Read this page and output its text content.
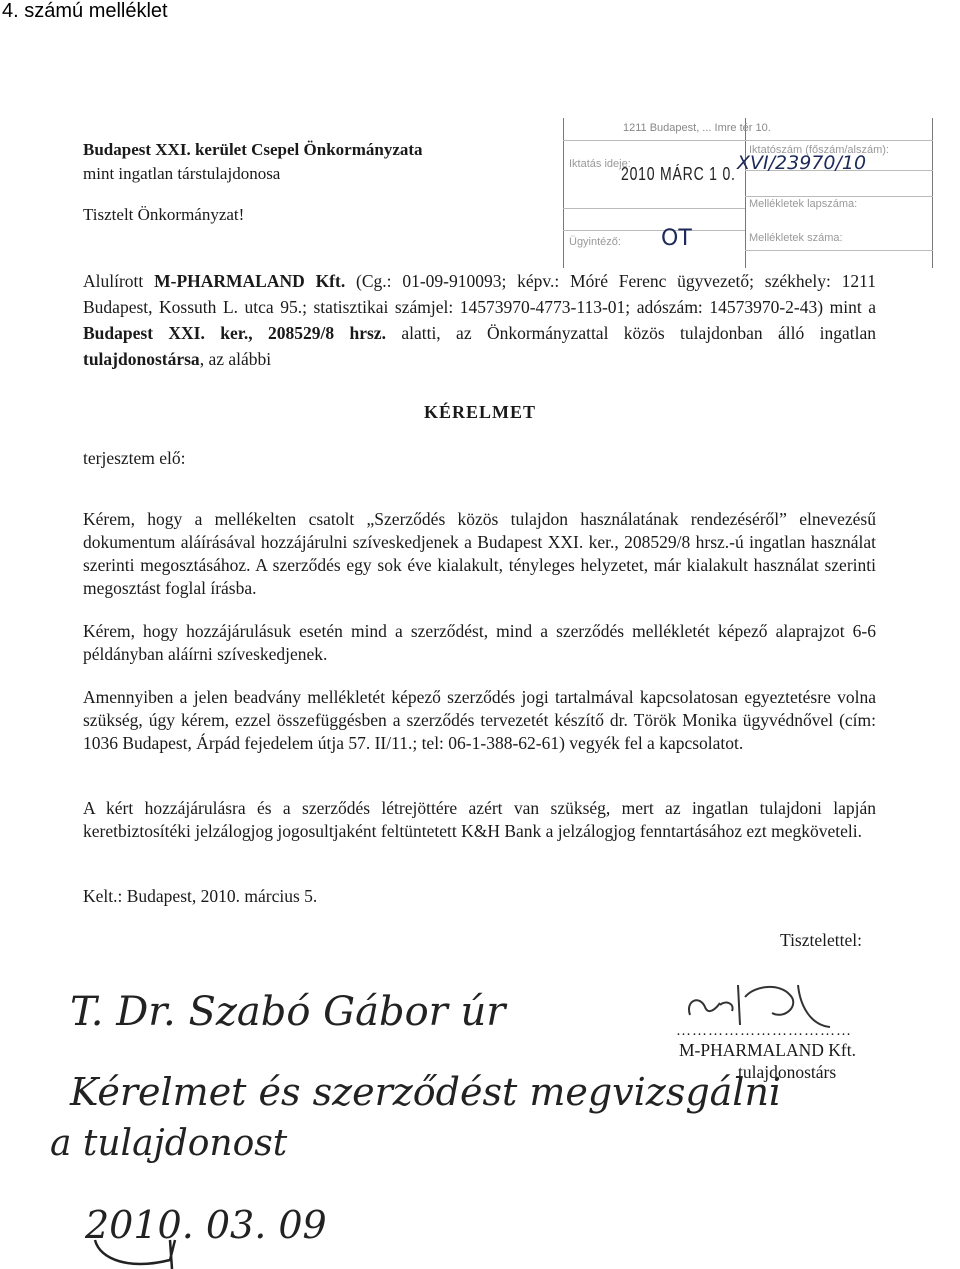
4. számú melléklet
Budapest XXI. kerület Csepel Önkormányzata
mint ingatlan társtulajdonosa
Tisztelt Önkormányzat!
1211 Budapest, ... Imre tér 10.
Iktatás ideje:
Ügyintéző:
Iktatószám (főszám/alszám):
Mellékletek lapszáma:
Mellékletek száma:
2010 MÁRC 1 0. XVI/23970/10
OT
Alulírott M-PHARMALAND Kft. (Cg.: 01-09-910093; képv.: Móré Ferenc ügyvezető; székhely: 1211 Budapest, Kossuth L. utca 95.; statisztikai számjel: 14573970-4773-113-01; adószám: 14573970-2-43) mint a Budapest XXI. ker., 208529/8 hrsz. alatti, az Önkormányzattal közös tulajdonban álló ingatlan tulajdonostársa, az alábbi
KÉRELMET
terjesztem elő:
Kérem, hogy a mellékelten csatolt „Szerződés közös tulajdon használatának rendezéséről” elnevezésű dokumentum aláírásával hozzájárulni szíveskedjenek a Budapest XXI. ker., 208529/8 hrsz.-ú ingatlan használat szerinti megosztásához. A szerződés egy sok éve kialakult, tényleges helyzetet, már kialakult használat szerinti megosztást foglal írásba.
Kérem, hogy hozzájárulásuk esetén mind a szerződést, mind a szerződés mellékletét képező alaprajzot 6-6 példányban aláírni szíveskedjenek.
Amennyiben a jelen beadvány mellékletét képező szerződés jogi tartalmával kapcsolatosan egyeztetésre volna szükség, úgy kérem, ezzel összefüggésben a szerződés tervezetét készítő dr. Török Monika ügyvédnővel (cím: 1036 Budapest, Árpád fejedelem útja 57. II/11.; tel: 06-1-388-62-61) vegyék fel a kapcsolatot.
A kért hozzájárulásra és a szerződés létrejöttére azért van szükség, mert az ingatlan tulajdoni lapján keretbiztosítéki jelzálogjog jogosultjaként feltüntetett K&H Bank a jelzálogjog fenntartásához ezt megköveteli.
Kelt.: Budapest, 2010. március 5.
Tisztelettel:
……………………………
M-PHARMALAND Kft.
tulajdonostárs
T. Dr. Szabó Gábor úr
Kérelmet és szerződést megvizsgálni
a tulajdonost
2010. 03. 09
